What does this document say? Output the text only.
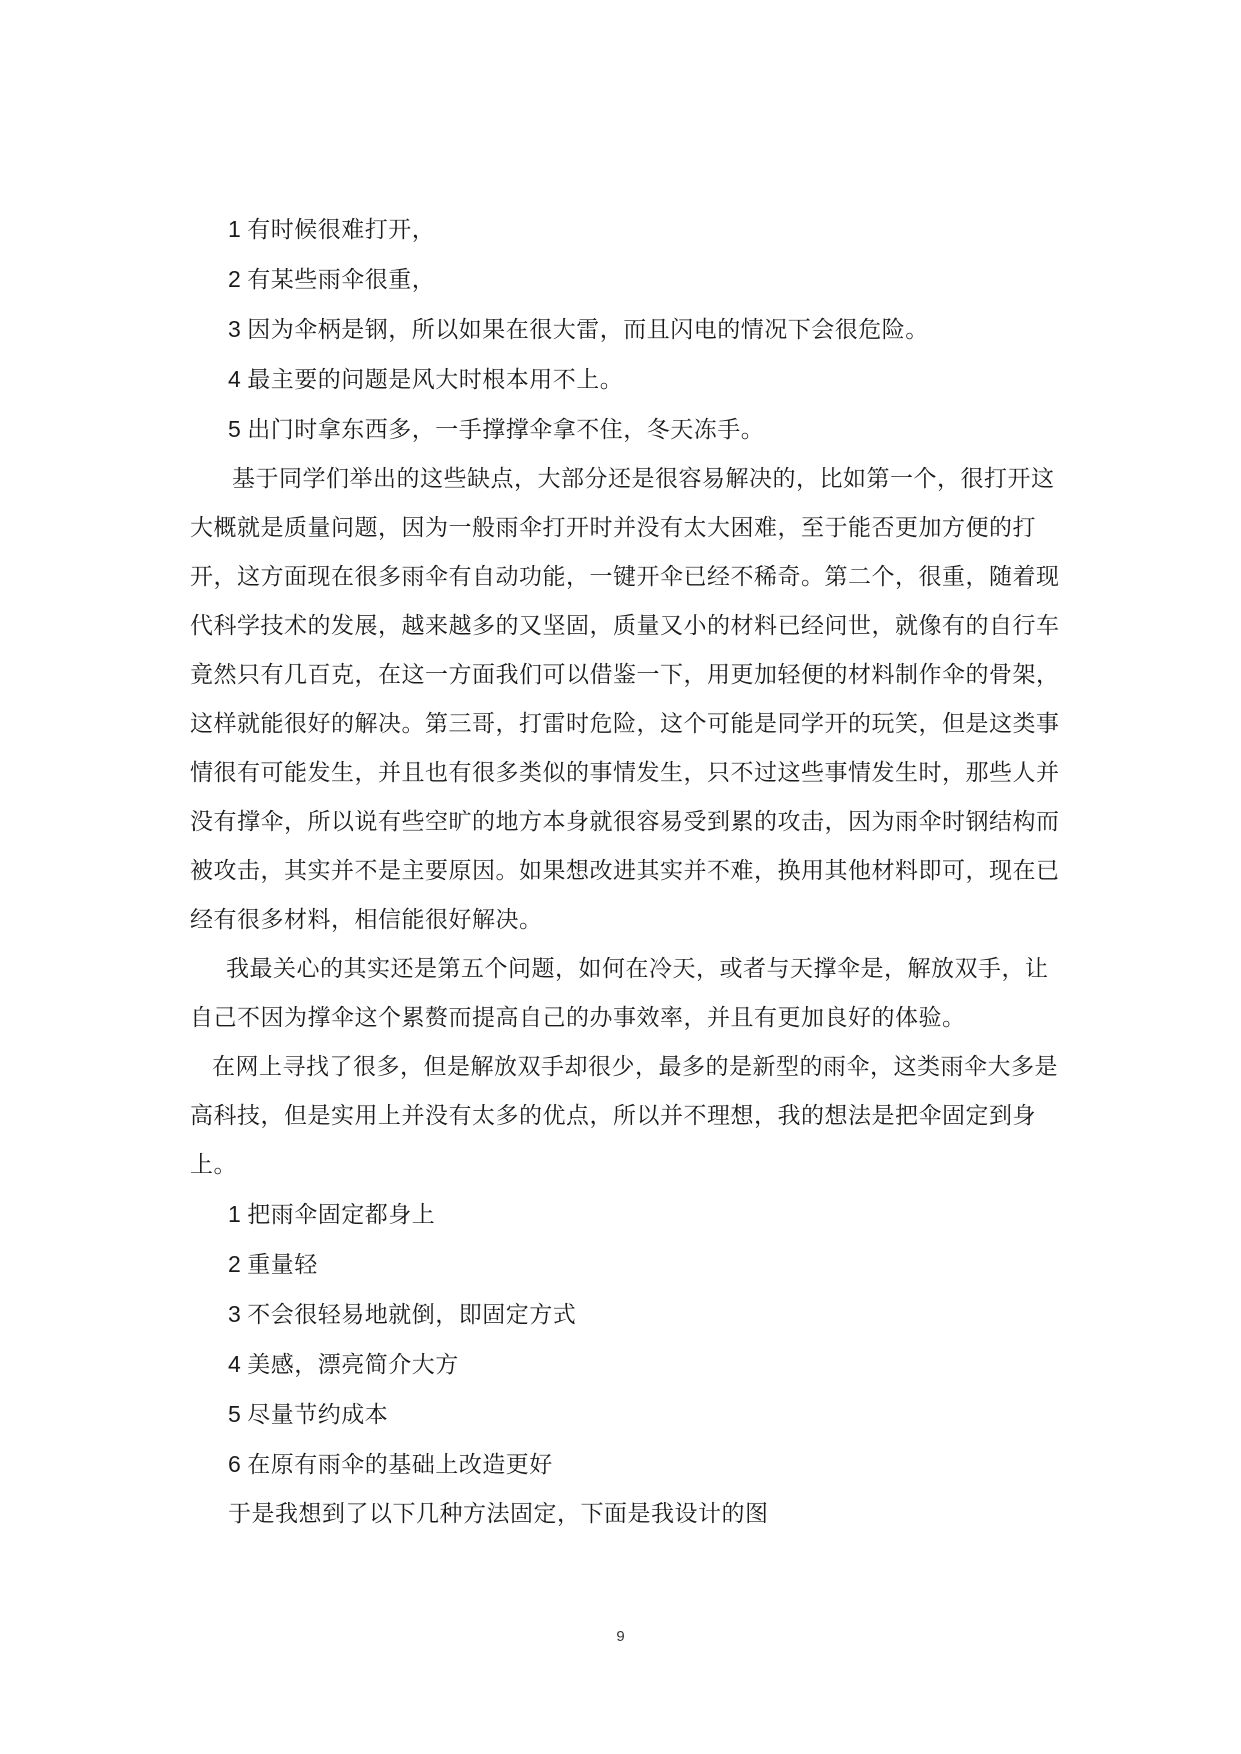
1 有时候很难打开，
2 有某些雨伞很重，
3 因为伞柄是钢，所以如果在很大雷，而且闪电的情况下会很危险。
4 最主要的问题是风大时根本用不上。
5 出门时拿东西多，一手撑撑伞拿不住，冬天冻手。

基于同学们举出的这些缺点，大部分还是很容易解决的，比如第一个，很打开这大概就是质量问题，因为一般雨伞打开时并没有太大困难，至于能否更加方便的打开，这方面现在很多雨伞有自动功能，一键开伞已经不稀奇。第二个，很重，随着现代科学技术的发展，越来越多的又坚固，质量又小的材料已经问世，就像有的自行车竟然只有几百克，在这一方面我们可以借鉴一下，用更加轻便的材料制作伞的骨架，这样就能很好的解决。第三哥，打雷时危险，这个可能是同学开的玩笑，但是这类事情很有可能发生，并且也有很多类似的事情发生，只不过这些事情发生时，那些人并没有撑伞，所以说有些空旷的地方本身就很容易受到累的攻击，因为雨伞时钢结构而被攻击，其实并不是主要原因。如果想改进其实并不难，换用其他材料即可，现在已经有很多材料，相信能很好解决。

我最关心的其实还是第五个问题，如何在冷天，或者与天撑伞是，解放双手，让自己不因为撑伞这个累赘而提高自己的办事效率，并且有更加良好的体验。

在网上寻找了很多，但是解放双手却很少，最多的是新型的雨伞，这类雨伞大多是高科技，但是实用上并没有太多的优点，所以并不理想，我的想法是把伞固定到身上。

1 把雨伞固定都身上
2 重量轻
3 不会很轻易地就倒，即固定方式
4 美感，漂亮简介大方
5 尽量节约成本
6 在原有雨伞的基础上改造更好
于是我想到了以下几种方法固定，下面是我设计的图
9
